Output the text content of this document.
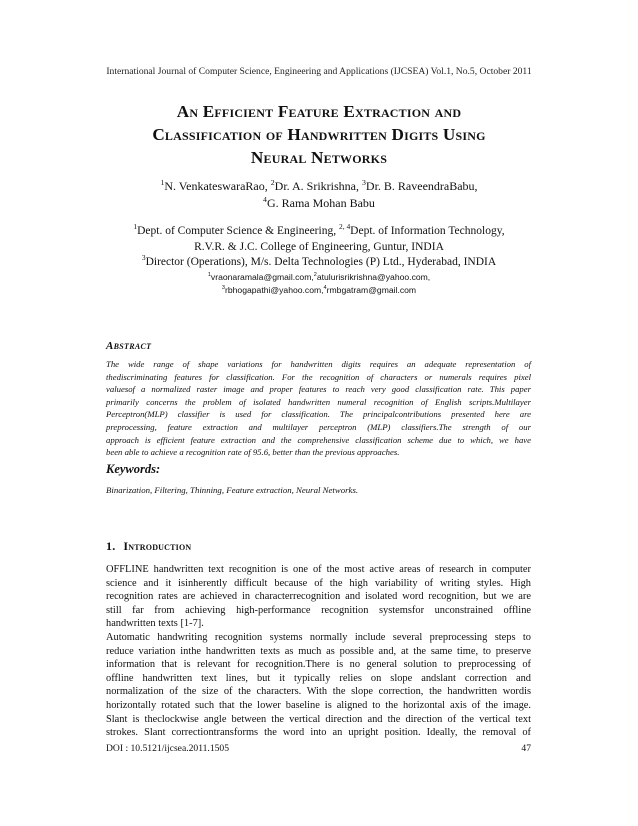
International Journal of Computer Science, Engineering and Applications (IJCSEA) Vol.1, No.5, October 2011
An Efficient Feature Extraction and
Classification of Handwritten Digits Using
Neural Networks
$^1$N. VenkateswaraRao, $^2$Dr. A. Srikrishna, $^3$Dr. B. RaveendraBabu,
$^4$G. Rama Mohan Babu
$^1$Dept. of Computer Science & Engineering, $^{2, 4}$Dept. of Information Technology,
R.V.R. & J.C. College of Engineering, Guntur, INDIA
$^3$Director (Operations), M/s. Delta Technologies (P) Ltd., Hyderabad, INDIA
$^1$vraonaramala@gmail.com,$^2$atulurisrikrishna@yahoo.com,
$^3$rbhogapathi@yahoo.com,$^4$rmbgatram@gmail.com
Abstract
The wide range of shape variations for handwritten digits requires an adequate representation of
thediscriminating features for classification. For the recognition of characters or numerals requires pixel
valuesof a normalized raster image and proper features to reach very good classification rate. This paper
primarily concerns the problem of isolated handwritten numeral recognition of English scripts.Multilayer
Perceptron(MLP) classifier is used for classification. The principalcontributions presented here are
preprocessing, feature extraction and multilayer perceptron (MLP) classifiers.The strength of our
approach is efficient feature extraction and the comprehensive classification scheme due to which, we have
been able to achieve a recognition rate of 95.6, better than the previous approaches.
Keywords:
Binarization, Filtering, Thinning, Feature extraction, Neural Networks.
1. Introduction
OFFLINE handwritten text recognition is one of the most active areas of research in computer
science and it isinherently difficult because of the high variability of writing styles. High
recognition rates are achieved in characterrecognition and isolated word recognition, but we are
still far from achieving high-performance recognition systemsfor unconstrained offline
handwritten texts [1-7].
Automatic handwriting recognition systems normally include several preprocessing steps to
reduce variation inthe handwritten texts as much as possible and, at the same time, to preserve
information that is relevant for recognition.There is no general solution to preprocessing of
offline handwritten text lines, but it typically relies on slope andslant correction and
normalization of the size of the characters. With the slope correction, the handwritten wordis
horizontally rotated such that the lower baseline is aligned to the horizontal axis of the image.
Slant is theclockwise angle between the vertical direction and the direction of the vertical text
strokes. Slant correctiontransforms the word into an upright position. Ideally, the removal of
DOI : 10.5121/ijcsea.2011.1505	47
